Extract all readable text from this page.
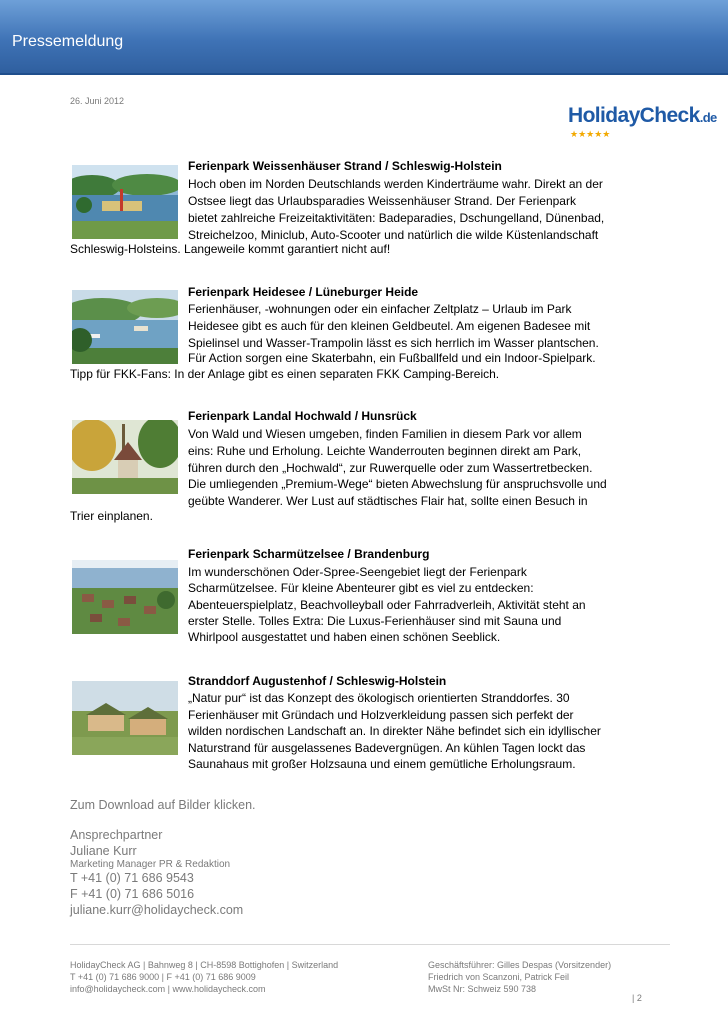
Pressemeldung
26. Juni 2012
HolidayCheck.de
★★★★★
Ferienpark Weissenhäuser Strand / Schleswig-Holstein
Hoch oben im Norden Deutschlands werden Kinderträume wahr. Direkt an der
Ostsee liegt das Urlaubsparadies Weissenhäuser Strand. Der Ferienpark
bietet zahlreiche Freizeitaktivitäten: Badeparadies, Dschungelland, Dünenbad,
Streichelzoo, Miniclub, Auto-Scooter und natürlich die wilde Küstenlandschaft
Schleswig-Holsteins. Langeweile kommt garantiert nicht auf!
Ferienpark Heidesee / Lüneburger Heide
Ferienhäuser, -wohnungen oder ein einfacher Zeltplatz – Urlaub im Park
Heidesee gibt es auch für den kleinen Geldbeutel. Am eigenen Badesee mit
Spielinsel und Wasser-Trampolin lässt es sich herrlich im Wasser plantschen.
Für Action sorgen eine Skaterbahn, ein Fußballfeld und ein Indoor-Spielpark.
Tipp für FKK-Fans: In der Anlage gibt es einen separaten FKK Camping-Bereich.
Ferienpark Landal Hochwald / Hunsrück
Von Wald und Wiesen umgeben, finden Familien in diesem Park vor allem
eins: Ruhe und Erholung. Leichte Wanderrouten beginnen direkt am Park,
führen durch den „Hochwald“, zur Ruwerquelle oder zum Wassertretbecken.
Die umliegenden „Premium-Wege“ bieten Abwechslung für anspruchsvolle und
geübte Wanderer. Wer Lust auf städtisches Flair hat, sollte einen Besuch in
Trier einplanen.
Ferienpark Scharmützelsee / Brandenburg
Im wunderschönen Oder-Spree-Seengebiet liegt der Ferienpark
Scharmützelsee. Für kleine Abenteurer gibt es viel zu entdecken:
Abenteuerspielplatz, Beachvolleyball oder Fahrradverleih, Aktivität steht an
erster Stelle. Tolles Extra: Die Luxus-Ferienhäuser sind mit Sauna und
Whirlpool ausgestattet und haben einen schönen Seeblick.
Stranddorf Augustenhof / Schleswig-Holstein
„Natur pur“ ist das Konzept des ökologisch orientierten Stranddorfes. 30
Ferienhäuser mit Gründach und Holzverkleidung passen sich perfekt der
wilden nordischen Landschaft an. In direkter Nähe befindet sich ein idyllischer
Naturstrand für ausgelassenes Badevergnügen. An kühlen Tagen lockt das
Saunahaus mit großer Holzsauna und einem gemütliche Erholungsraum.
Zum Download auf Bilder klicken.
Ansprechpartner
Juliane Kurr
Marketing Manager PR & Redaktion
T +41 (0) 71 686 9543
F +41 (0) 71 686 5016
juliane.kurr@holidaycheck.com
HolidayCheck AG | Bahnweg 8 | CH-8598 Bottighofen | Switzerland
T +41 (0) 71 686 9000 | F +41 (0) 71 686 9009
info@holidaycheck.com | www.holidaycheck.com
Geschäftsführer: Gilles Despas (Vorsitzender)
Friedrich von Scanzoni, Patrick Feil
MwSt Nr: Schweiz 590 738
| 2
